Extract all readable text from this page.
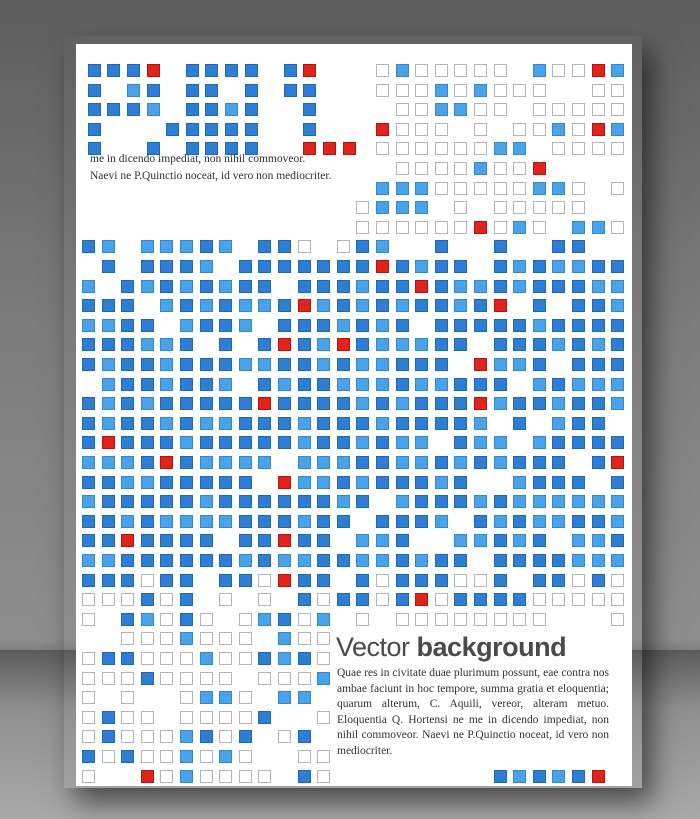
me in dicendo impediat, non nihil commoveor.
Naevi ne P.Quinctio noceat, id vero non mediocriter.
Vector background
Quae res in civitate duae plurimum possunt, eae contra nos ambae faciunt in hoc tempore, summa gratia et eloquentia; quarum alterum, C. Aquili, vereor, alteram metuo. Eloquentia Q. Hortensi ne me in dicendo impediat, non nihil commoveor. Naevi ne P.Quinctio noceat, id vero non mediocriter.
